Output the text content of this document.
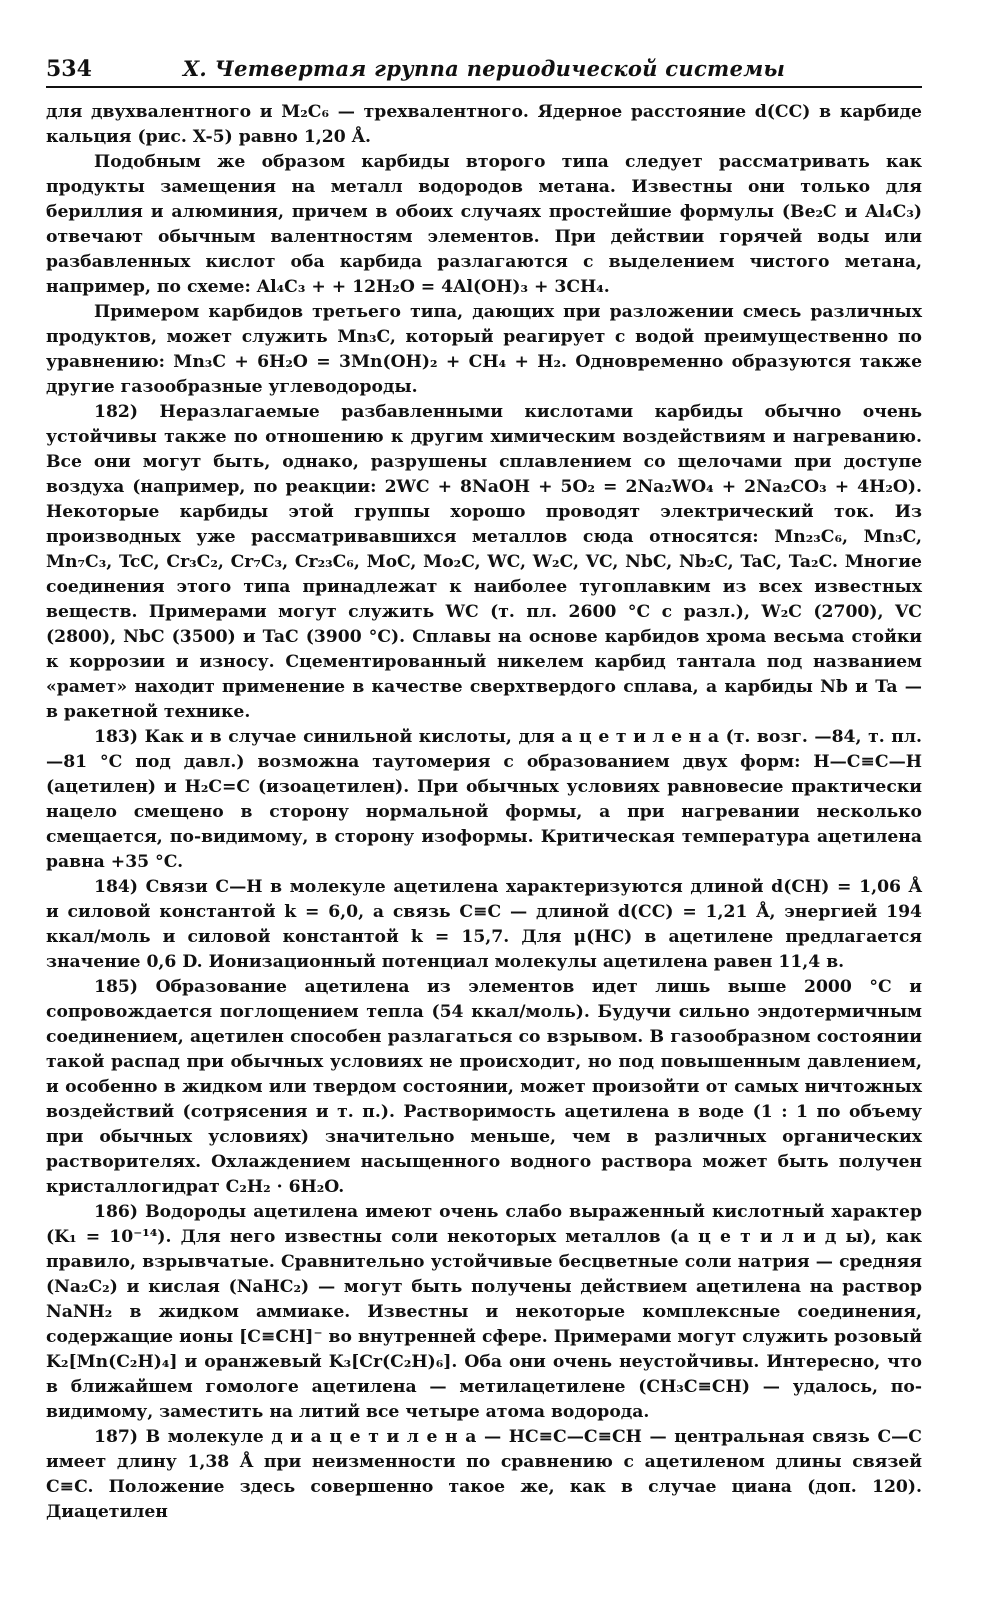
534	X. Четвертая группа периодической системы

для двухвалентного и M₂C₆ — трехвалентного. Ядерное расстояние d(CC) в карбиде кальция (рис. X-5) равно 1,20 Å.

Подобным же образом карбиды второго типа следует рассматривать как продукты замещения на металл водородов метана. Известны они только для бериллия и алюминия, причем в обоих случаях простейшие формулы (Be₂C и Al₄C₃) отвечают обычным валентностям элементов. При действии горячей воды или разбавленных кислот оба карбида разлагаются с выделением чистого метана, например, по схеме: Al₄C₃ + + 12H₂O = 4Al(OH)₃ + 3CH₄.

Примером карбидов третьего типа, дающих при разложении смесь различных продуктов, может служить Mn₃C, который реагирует с водой преимущественно по уравнению: Mn₃C + 6H₂O = 3Mn(OH)₂ + CH₄ + H₂. Одновременно образуются также другие газообразные углеводороды.

182) Неразлагаемые разбавленными кислотами карбиды обычно очень устойчивы также по отношению к другим химическим воздействиям и нагреванию. Все они могут быть, однако, разрушены сплавлением со щелочами при доступе воздуха (например, по реакции: 2WC + 8NaOH + 5O₂ = 2Na₂WO₄ + 2Na₂CO₃ + 4H₂O). Некоторые карбиды этой группы хорошо проводят электрический ток. Из производных уже рассматривавшихся металлов сюда относятся: Mn₂₃C₆, Mn₃C, Mn₇C₃, TcC, Cr₃C₂, Cr₇C₃, Cr₂₃C₆, MoC, Mo₂C, WC, W₂C, VC, NbC, Nb₂C, TaC, Ta₂C. Многие соединения этого типа принадлежат к наиболее тугоплавким из всех известных веществ. Примерами могут служить WC (т. пл. 2600 °C с разл.), W₂C (2700), VC (2800), NbC (3500) и TaC (3900 °C). Сплавы на основе карбидов хрома весьма стойки к коррозии и износу. Сцементированный никелем карбид тантала под названием «рамет» находит применение в качестве сверхтвердого сплава, а карбиды Nb и Ta — в ракетной технике.

183) Как и в случае синильной кислоты, для а ц е т и л е н а (т. возг. —84, т. пл. —81 °C под давл.) возможна таутомерия с образованием двух форм: H—C≡C—H (ацетилен) и H₂C=C (изоацетилен). При обычных условиях равновесие практически нацело смещено в сторону нормальной формы, а при нагревании несколько смещается, по-видимому, в сторону изоформы. Критическая температура ацетилена равна +35 °C.

184) Связи C—H в молекуле ацетилена характеризуются длиной d(CH) = 1,06 Å и силовой константой k = 6,0, а связь C≡C — длиной d(CC) = 1,21 Å, энергией 194 ккал/моль и силовой константой k = 15,7. Для μ(HC) в ацетилене предлагается значение 0,6 D. Ионизационный потенциал молекулы ацетилена равен 11,4 в.

185) Образование ацетилена из элементов идет лишь выше 2000 °C и сопровождается поглощением тепла (54 ккал/моль). Будучи сильно эндотермичным соединением, ацетилен способен разлагаться со взрывом. В газообразном состоянии такой распад при обычных условиях не происходит, но под повышенным давлением, и особенно в жидком или твердом состоянии, может произойти от самых ничтожных воздействий (сотрясения и т. п.). Растворимость ацетилена в воде (1 : 1 по объему при обычных условиях) значительно меньше, чем в различных органических растворителях. Охлаждением насыщенного водного раствора может быть получен кристаллогидрат C₂H₂ · 6H₂O.

186) Водороды ацетилена имеют очень слабо выраженный кислотный характер (K₁ = 10⁻¹⁴). Для него известны соли некоторых металлов (а ц е т и л и д ы), как правило, взрывчатые. Сравнительно устойчивые бесцветные соли натрия — средняя (Na₂C₂) и кислая (NaHC₂) — могут быть получены действием ацетилена на раствор NaNH₂ в жидком аммиаке. Известны и некоторые комплексные соединения, содержащие ионы [C≡CH]⁻ во внутренней сфере. Примерами могут служить розовый K₂[Mn(C₂H)₄] и оранжевый K₃[Cr(C₂H)₆]. Оба они очень неустойчивы. Интересно, что в ближайшем гомологе ацетилена — метилацетилене (CH₃C≡CH) — удалось, по-видимому, заместить на литий все четыре атома водорода.

187) В молекуле д и а ц е т и л е н а — HC≡C—C≡CH — центральная связь C—C имеет длину 1,38 Å при неизменности по сравнению с ацетиленом длины связей C≡C. Положение здесь совершенно такое же, как в случае циана (доп. 120). Диацетилен
